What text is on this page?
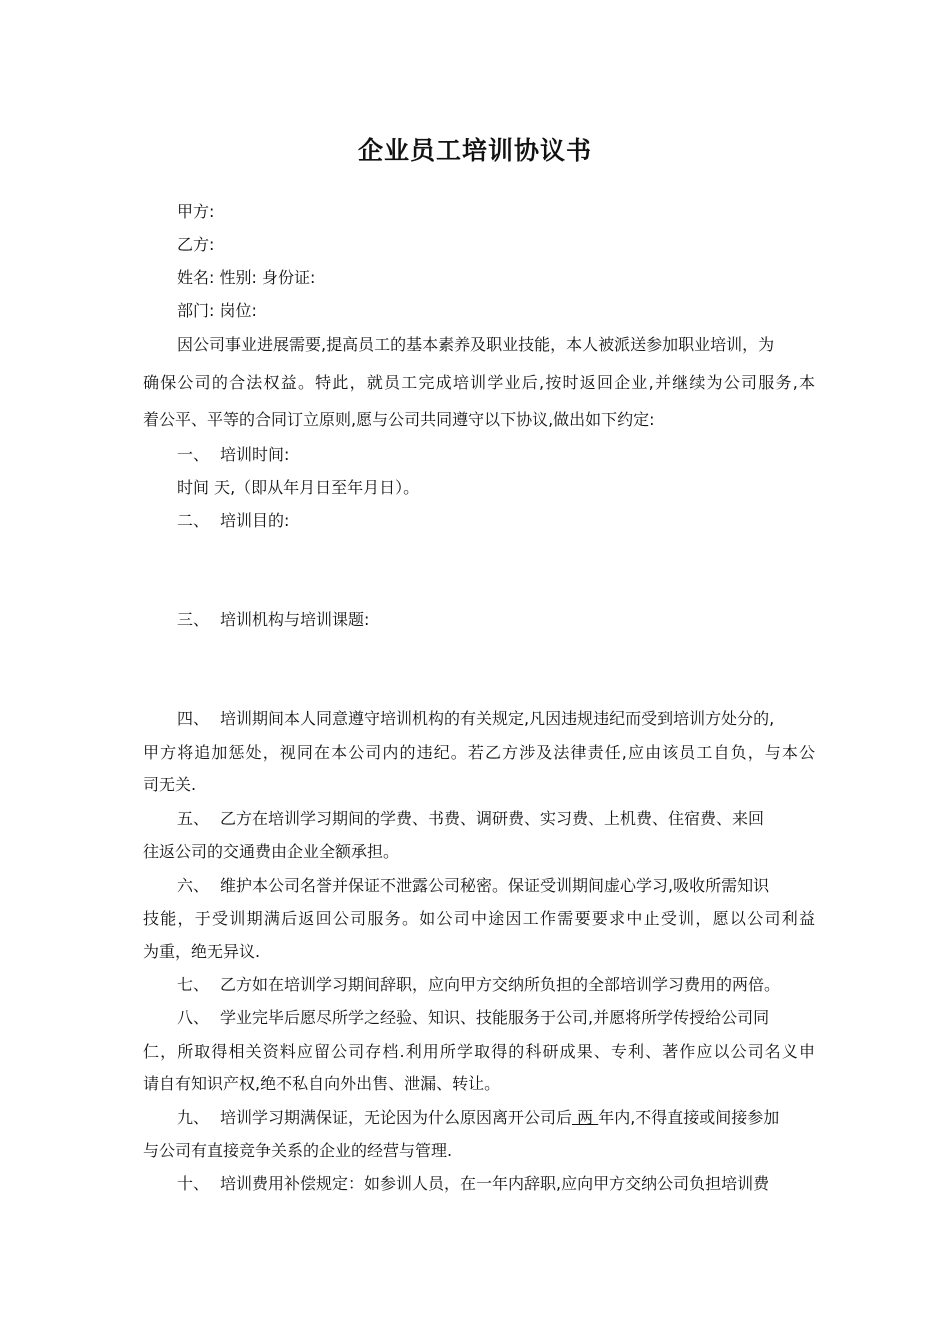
企业员工培训协议书
甲方:
乙方:
姓名: 性别: 身份证:
部门: 岗位:
因公司事业进展需要,提高员工的基本素养及职业技能，本人被派送参加职业培训，为
确保公司的合法权益。特此，就员工完成培训学业后,按时返回企业,并继续为公司服务,本
着公平、平等的合同订立原则,愿与公司共同遵守以下协议,做出如下约定:
一、 培训时间:
时间 天,（即从年月日至年月日）。
二、 培训目的:
三、 培训机构与培训课题:
四、 培训期间本人同意遵守培训机构的有关规定,凡因违规违纪而受到培训方处分的,
甲方将追加惩处，视同在本公司内的违纪。若乙方涉及法律责任,应由该员工自负，与本公
司无关.
五、 乙方在培训学习期间的学费、书费、调研费、实习费、上机费、住宿费、来回
往返公司的交通费由企业全额承担。
六、 维护本公司名誉并保证不泄露公司秘密。保证受训期间虚心学习,吸收所需知识
技能，于受训期满后返回公司服务。如公司中途因工作需要要求中止受训，愿以公司利益
为重，绝无异议.
七、 乙方如在培训学习期间辞职，应向甲方交纳所负担的全部培训学习费用的两倍。
八、 学业完毕后愿尽所学之经验、知识、技能服务于公司,并愿将所学传授给公司同
仁，所取得相关资料应留公司存档.利用所学取得的科研成果、专利、著作应以公司名义申
请自有知识产权,绝不私自向外出售、泄漏、转让。
九、 培训学习期满保证，无论因为什么原因离开公司后 两 年内,不得直接或间接参加
与公司有直接竞争关系的企业的经营与管理.
十、 培训费用补偿规定：如参训人员，在一年内辞职,应向甲方交纳公司负担培训费
